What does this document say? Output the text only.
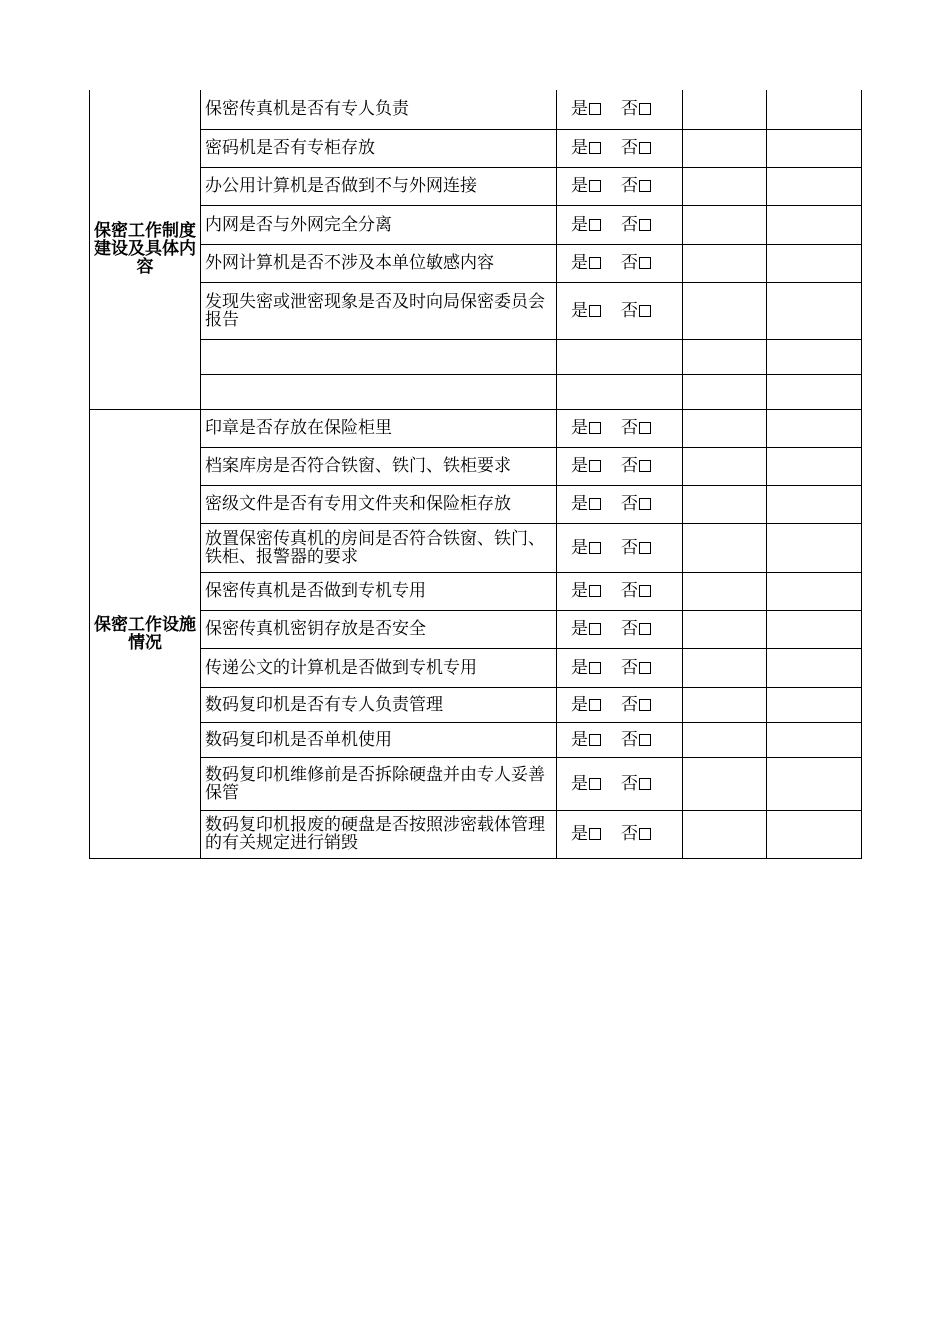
保密工作制度建设及具体内容	保密传真机是否有专人负责	是 否		
	密码机是否有专柜存放	是 否		
	办公用计算机是否做到不与外网连接	是 否		
	内网是否与外网完全分离	是 否		
	外网计算机是否不涉及本单位敏感内容	是 否		
	发现失密或泄密现象是否及时向局保密委员会报告	是 否		

保密工作设施情况	印章是否存放在保险柜里	是 否		
	档案库房是否符合铁窗、铁门、铁柜要求	是 否		
	密级文件是否有专用文件夹和保险柜存放	是 否		
	放置保密传真机的房间是否符合铁窗、铁门、铁柜、报警器的要求	是 否		
	保密传真机是否做到专机专用	是 否		
	保密传真机密钥存放是否安全	是 否		
	传递公文的计算机是否做到专机专用	是 否		
	数码复印机是否有专人负责管理	是 否		
	数码复印机是否单机使用	是 否		
	数码复印机维修前是否拆除硬盘并由专人妥善保管	是 否		
	数码复印机报废的硬盘是否按照涉密载体管理的有关规定进行销毁	是 否		
